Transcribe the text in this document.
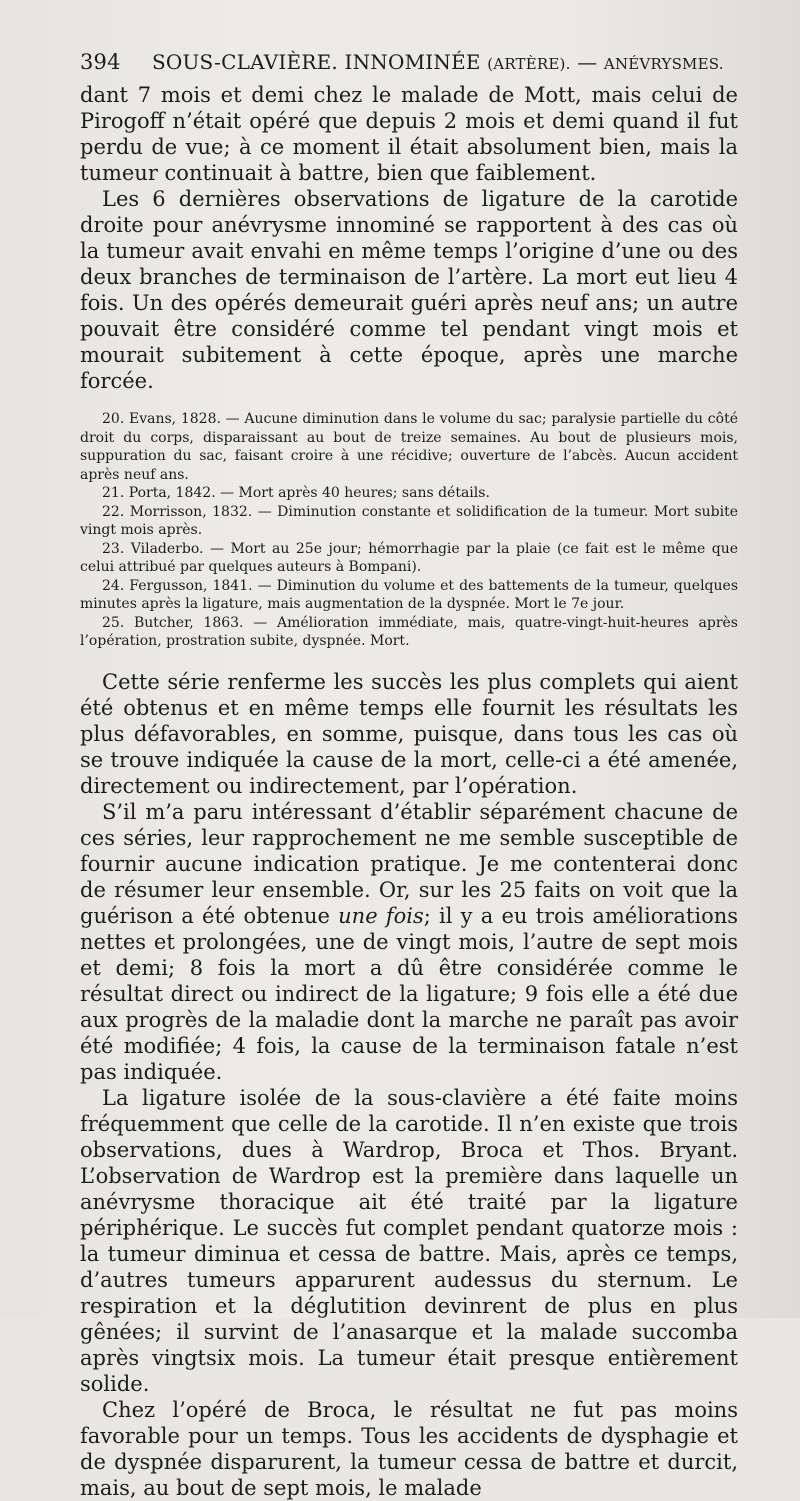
394	SOUS-CLAVIÈRE. INNOMINÉE (ARTÈRE). — ANÉVRYSMES.

dant 7 mois et demi chez le malade de Mott, mais celui de Pirogoff n’était opéré que depuis 2 mois et demi quand il fut perdu de vue; à ce moment il était absolument bien, mais la tumeur continuait à battre, bien que faiblement.

Les 6 dernières observations de ligature de la carotide droite pour anévrysme innominé se rapportent à des cas où la tumeur avait envahi en même temps l’origine d’une ou des deux branches de terminaison de l’artère. La mort eut lieu 4 fois. Un des opérés demeurait guéri après neuf ans; un autre pouvait être considéré comme tel pendant vingt mois et mourait subitement à cette époque, après une marche forcée.

20. Evans, 1828. — Aucune diminution dans le volume du sac; paralysie partielle du côté droit du corps, disparaissant au bout de treize semaines. Au bout de plusieurs mois, suppuration du sac, faisant croire à une récidive; ouverture de l’abcès. Aucun accident après neuf ans.

21. Porta, 1842. — Mort après 40 heures; sans détails.

22. Morrisson, 1832. — Diminution constante et solidification de la tumeur. Mort subite vingt mois après.

23. Viladerbo. — Mort au 25e jour; hémorrhagie par la plaie (ce fait est le même que celui attribué par quelques auteurs à Bompani).

24. Fergusson, 1841. — Diminution du volume et des battements de la tumeur, quelques minutes après la ligature, mais augmentation de la dyspnée. Mort le 7e jour.

25. Butcher, 1863. — Amélioration immédiate, mais, quatre-vingt-huit-heures après l’opération, prostration subite, dyspnée. Mort.

Cette série renferme les succès les plus complets qui aient été obtenus et en même temps elle fournit les résultats les plus défavorables, en somme, puisque, dans tous les cas où se trouve indiquée la cause de la mort, celle-ci a été amenée, directement ou indirectement, par l’opération.

S’il m’a paru intéressant d’établir séparément chacune de ces séries, leur rapprochement ne me semble susceptible de fournir aucune indication pratique. Je me contenterai donc de résumer leur ensemble. Or, sur les 25 faits on voit que la guérison a été obtenue une fois; il y a eu trois améliorations nettes et prolongées, une de vingt mois, l’autre de sept mois et demi; 8 fois la mort a dû être considérée comme le résultat direct ou indirect de la ligature; 9 fois elle a été due aux progrès de la maladie dont la marche ne paraît pas avoir été modifiée; 4 fois, la cause de la terminaison fatale n’est pas indiquée.

La ligature isolée de la sous-clavière a été faite moins fréquemment que celle de la carotide. Il n’en existe que trois observations, dues à Wardrop, Broca et Thos. Bryant. L’observation de Wardrop est la première dans laquelle un anévrysme thoracique ait été traité par la ligature périphérique. Le succès fut complet pendant quatorze mois : la tumeur diminua et cessa de battre. Mais, après ce temps, d’autres tumeurs apparurent audessus du sternum. Le respiration et la déglutition devinrent de plus en plus gênées; il survint de l’anasarque et la malade succomba après vingtsix mois. La tumeur était presque entièrement solide.

Chez l’opéré de Broca, le résultat ne fut pas moins favorable pour un temps. Tous les accidents de dysphagie et de dyspnée disparurent, la tumeur cessa de battre et durcit, mais, au bout de sept mois, le malade
